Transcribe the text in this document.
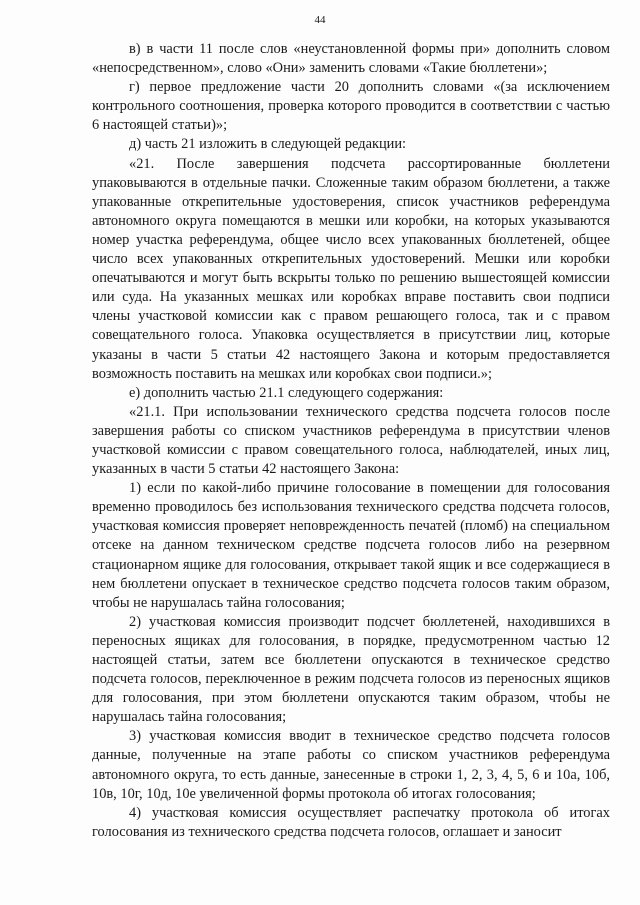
44

в) в части 11 после слов «неустановленной формы при» дополнить словом «непосредственном», слово «Они» заменить словами «Такие бюллетени»;

г) первое предложение части 20 дополнить словами «(за исключением контрольного соотношения, проверка которого проводится в соответствии с частью 6 настоящей статьи)»;

д) часть 21 изложить в следующей редакции:

«21. После завершения подсчета рассортированные бюллетени упаковываются в отдельные пачки. Сложенные таким образом бюллетени, а также упакованные открепительные удостоверения, список участников референдума автономного округа помещаются в мешки или коробки, на которых указываются номер участка референдума, общее число всех упакованных бюллетеней, общее число всех упакованных открепительных удостоверений. Мешки или коробки опечатываются и могут быть вскрыты только по решению вышестоящей комиссии или суда. На указанных мешках или коробках вправе поставить свои подписи члены участковой комиссии как с правом решающего голоса, так и с правом совещательного голоса. Упаковка осуществляется в присутствии лиц, которые указаны в части 5 статьи 42 настоящего Закона и которым предоставляется возможность поставить на мешках или коробках свои подписи.»;

е) дополнить частью 21.1 следующего содержания:

«21.1. При использовании технического средства подсчета голосов после завершения работы со списком участников референдума в присутствии членов участковой комиссии с правом совещательного голоса, наблюдателей, иных лиц, указанных в части 5 статьи 42 настоящего Закона:

1) если по какой-либо причине голосование в помещении для голосования временно проводилось без использования технического средства подсчета голосов, участковая комиссия проверяет неповрежденность печатей (пломб) на специальном отсеке на данном техническом средстве подсчета голосов либо на резервном стационарном ящике для голосования, открывает такой ящик и все содержащиеся в нем бюллетени опускает в техническое средство подсчета голосов таким образом, чтобы не нарушалась тайна голосования;

2) участковая комиссия производит подсчет бюллетеней, находившихся в переносных ящиках для голосования, в порядке, предусмотренном частью 12 настоящей статьи, затем все бюллетени опускаются в техническое средство подсчета голосов, переключенное в режим подсчета голосов из переносных ящиков для голосования, при этом бюллетени опускаются таким образом, чтобы не нарушалась тайна голосования;

3) участковая комиссия вводит в техническое средство подсчета голосов данные, полученные на этапе работы со списком участников референдума автономного округа, то есть данные, занесенные в строки 1, 2, 3, 4, 5, 6 и 10а, 10б, 10в, 10г, 10д, 10е увеличенной формы протокола об итогах голосования;

4) участковая комиссия осуществляет распечатку протокола об итогах голосования из технического средства подсчета голосов, оглашает и заносит
